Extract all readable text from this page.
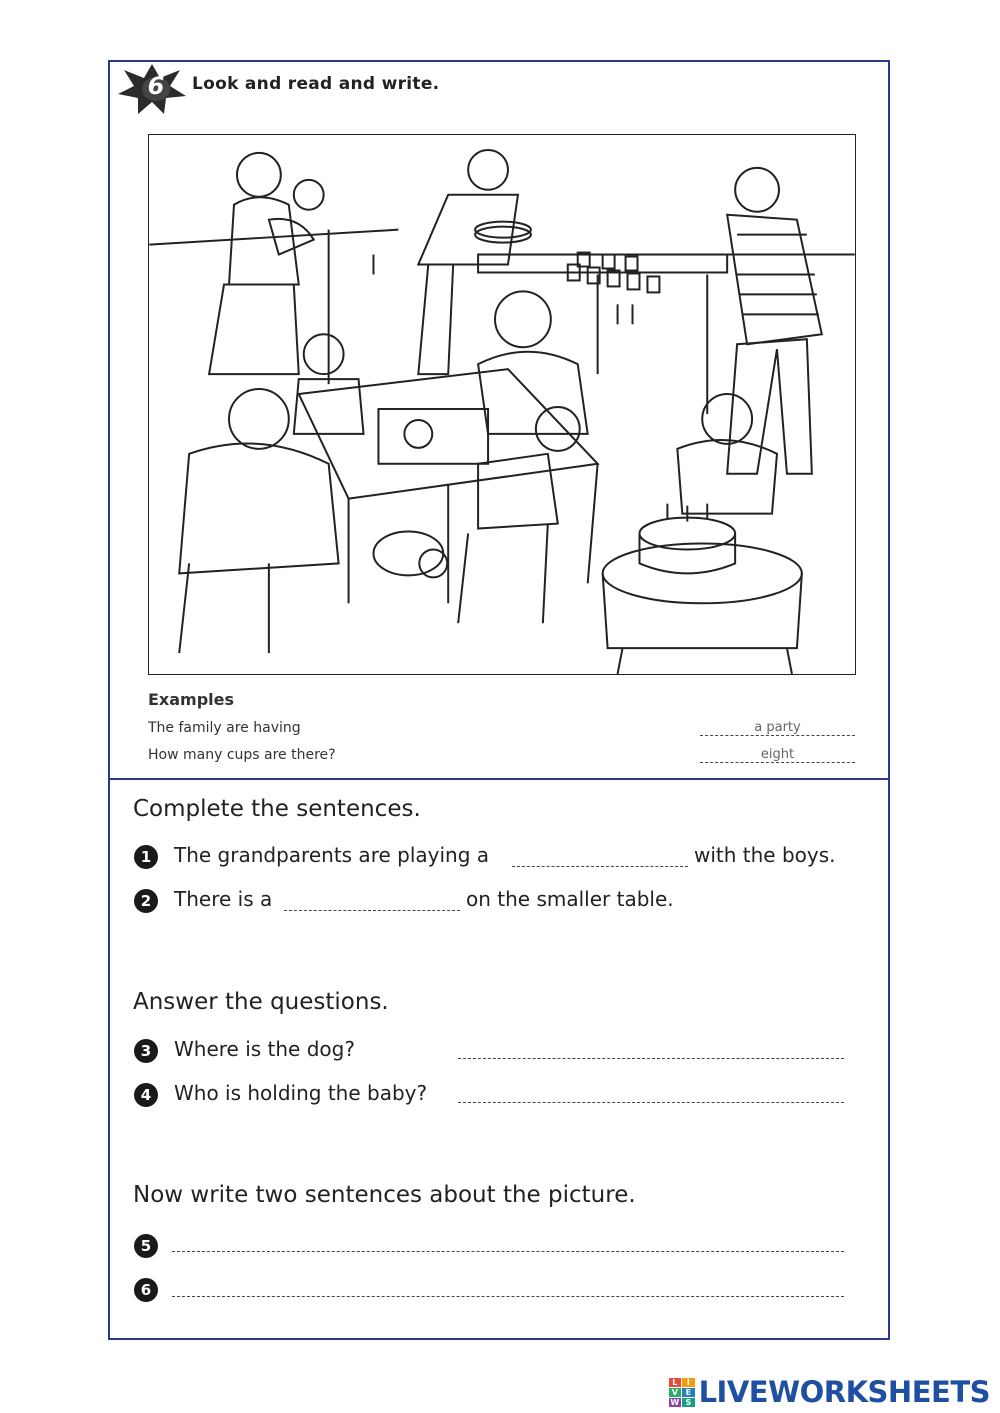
6 Look and read and write.
Examples
The family are having	a party
How many cups are there?	eight
Complete the sentences.
1	The grandparents are playing a	with the boys.
2	There is a	on the smaller table.
Answer the questions.
3	Where is the dog?
4	Who is holding the baby?
Now write two sentences about the picture.
5
6
L	I
V E
W S LIVEWORKSHEETS
